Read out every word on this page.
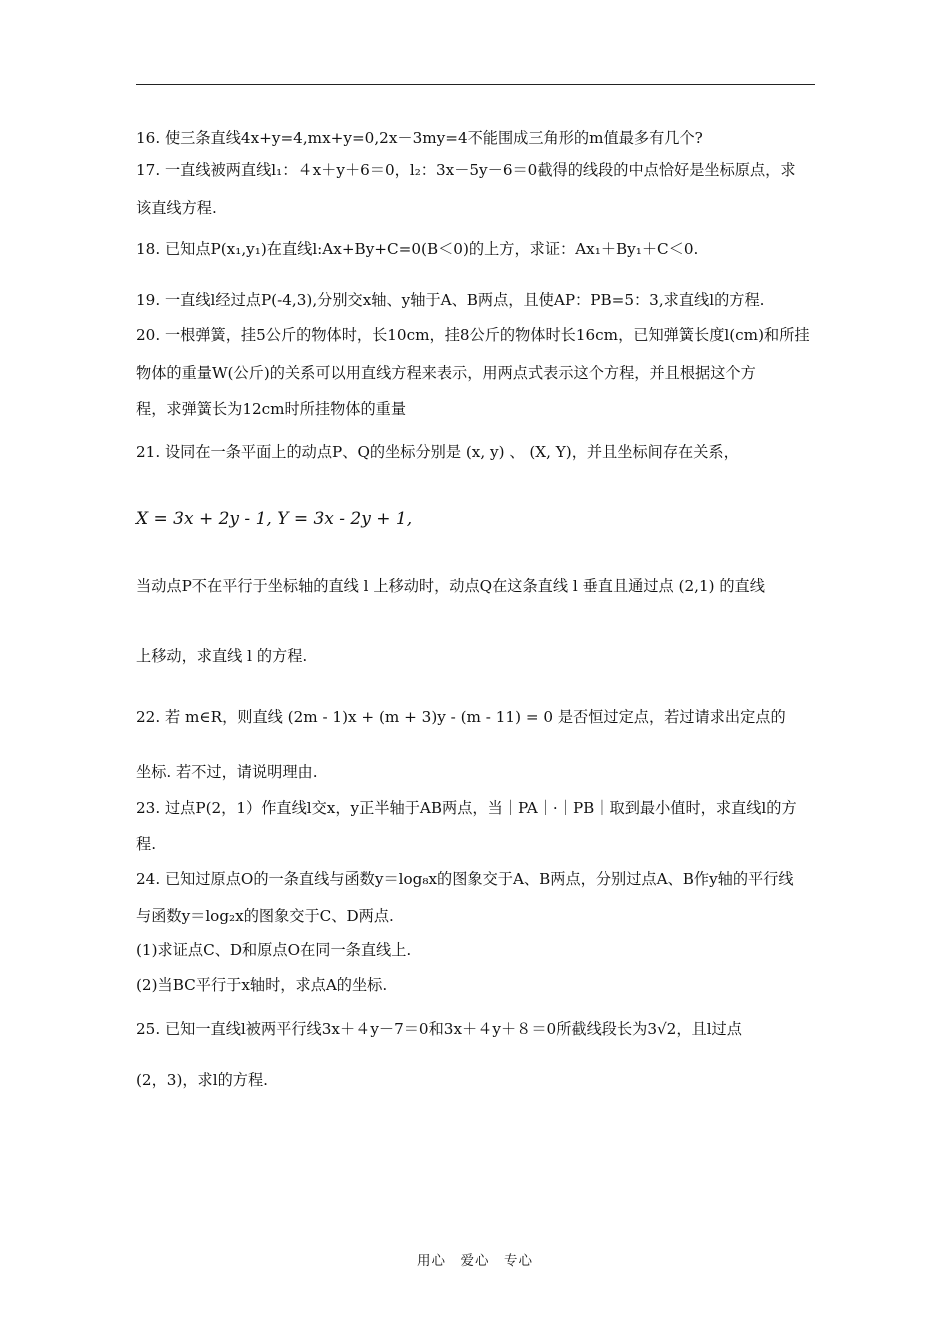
16. 使三条直线4x+y=4,mx+y=0,2x－3my=4不能围成三角形的m值最多有几个?
17. 一直线被两直线l₁：４x＋y＋6＝0，l₂：3x－5y－6＝0截得的线段的中点恰好是坐标原点，求
该直线方程.
18. 已知点P(x₁,y₁)在直线l:Ax+By+C=0(B＜0)的上方，求证：Ax₁＋By₁＋C＜0.
19. 一直线l经过点P(-4,3),分别交x轴、y轴于A、B两点，且使AP：PB=5：3,求直线l的方程.
20. 一根弹簧，挂5公斤的物体时，长10cm，挂8公斤的物体时长16cm，已知弹簧长度l(cm)和所挂
物体的重量W(公斤)的关系可以用直线方程来表示，用两点式表示这个方程，并且根据这个方
程，求弹簧长为12cm时所挂物体的重量
21. 设同在一条平面上的动点P、Q的坐标分别是 (x, y) 、 (X, Y)，并且坐标间存在关系，
X = 3x + 2y - 1, Y = 3x - 2y + 1,
当动点P不在平行于坐标轴的直线 l 上移动时，动点Q在这条直线 l 垂直且通过点 (2,1) 的直线
上移动，求直线 l 的方程.
22. 若 m∈R，则直线 (2m - 1)x + (m + 3)y - (m - 11) = 0 是否恒过定点，若过请求出定点的
坐标. 若不过，请说明理由.
23. 过点P(2，1）作直线l交x，y正半轴于AB两点，当｜PA｜·｜PB｜取到最小值时，求直线l的方
程.
24. 已知过原点O的一条直线与函数y＝log₈x的图象交于A、B两点，分别过点A、B作y轴的平行线
与函数y＝log₂x的图象交于C、D两点.
(1)求证点C、D和原点O在同一条直线上.
(2)当BC平行于x轴时，求点A的坐标.
25. 已知一直线l被两平行线3x＋４y－7＝0和3x＋４y＋８＝0所截线段长为3√2，且l过点
(2，3)，求l的方程.
用心　爱心　专心
